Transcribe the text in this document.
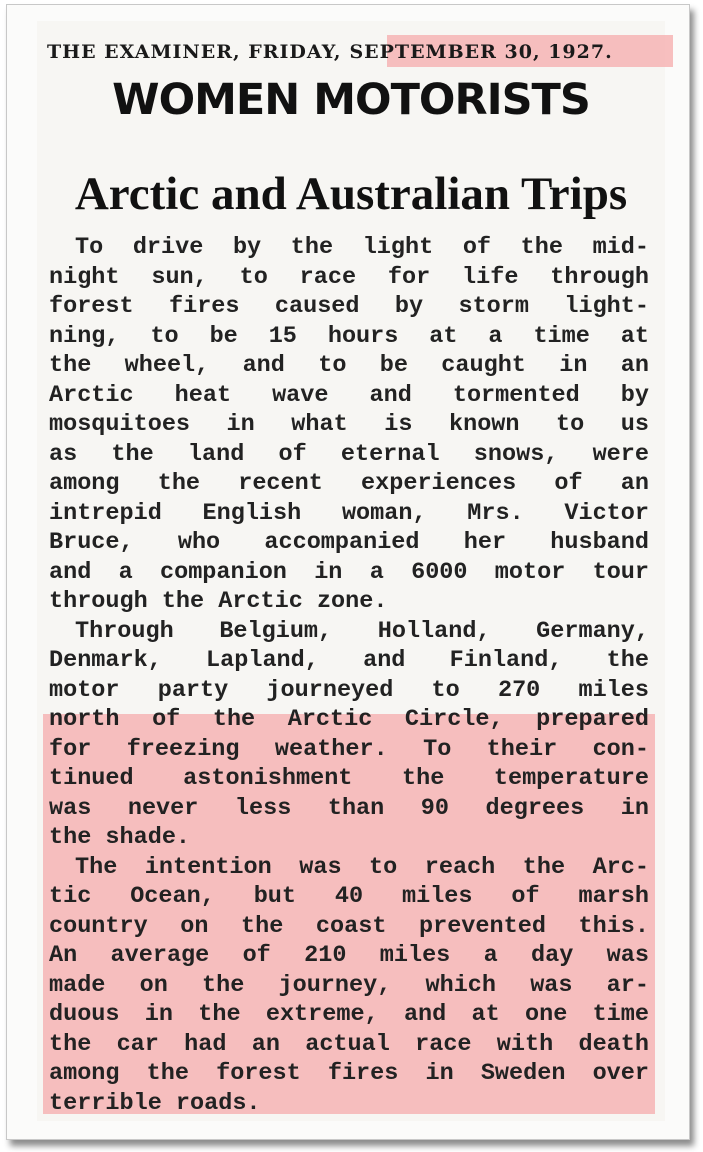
THE EXAMINER, FRIDAY, SEPTEMBER 30, 1927.
WOMEN MOTORISTS
Arctic and Australian Trips
To drive by the light of the mid-
night sun, to race for life through
forest fires caused by storm light-
ning, to be 15 hours at a time at
the wheel, and to be caught in an
Arctic heat wave and tormented by
mosquitoes in what is known to us
as the land of eternal snows, were
among the recent experiences of an
intrepid English woman, Mrs. Victor
Bruce, who accompanied her husband
and a companion in a 6000 motor tour
through the Arctic zone.
Through Belgium, Holland, Germany,
Denmark, Lapland, and Finland, the
motor party journeyed to 270 miles
north of the Arctic Circle, prepared
for freezing weather. To their con-
tinued astonishment the temperature
was never less than 90 degrees in
the shade.
The intention was to reach the Arc-
tic Ocean, but 40 miles of marsh
country on the coast prevented this.
An average of 210 miles a day was
made on the journey, which was ar-
duous in the extreme, and at one time
the car had an actual race with death
among the forest fires in Sweden over
terrible roads.
